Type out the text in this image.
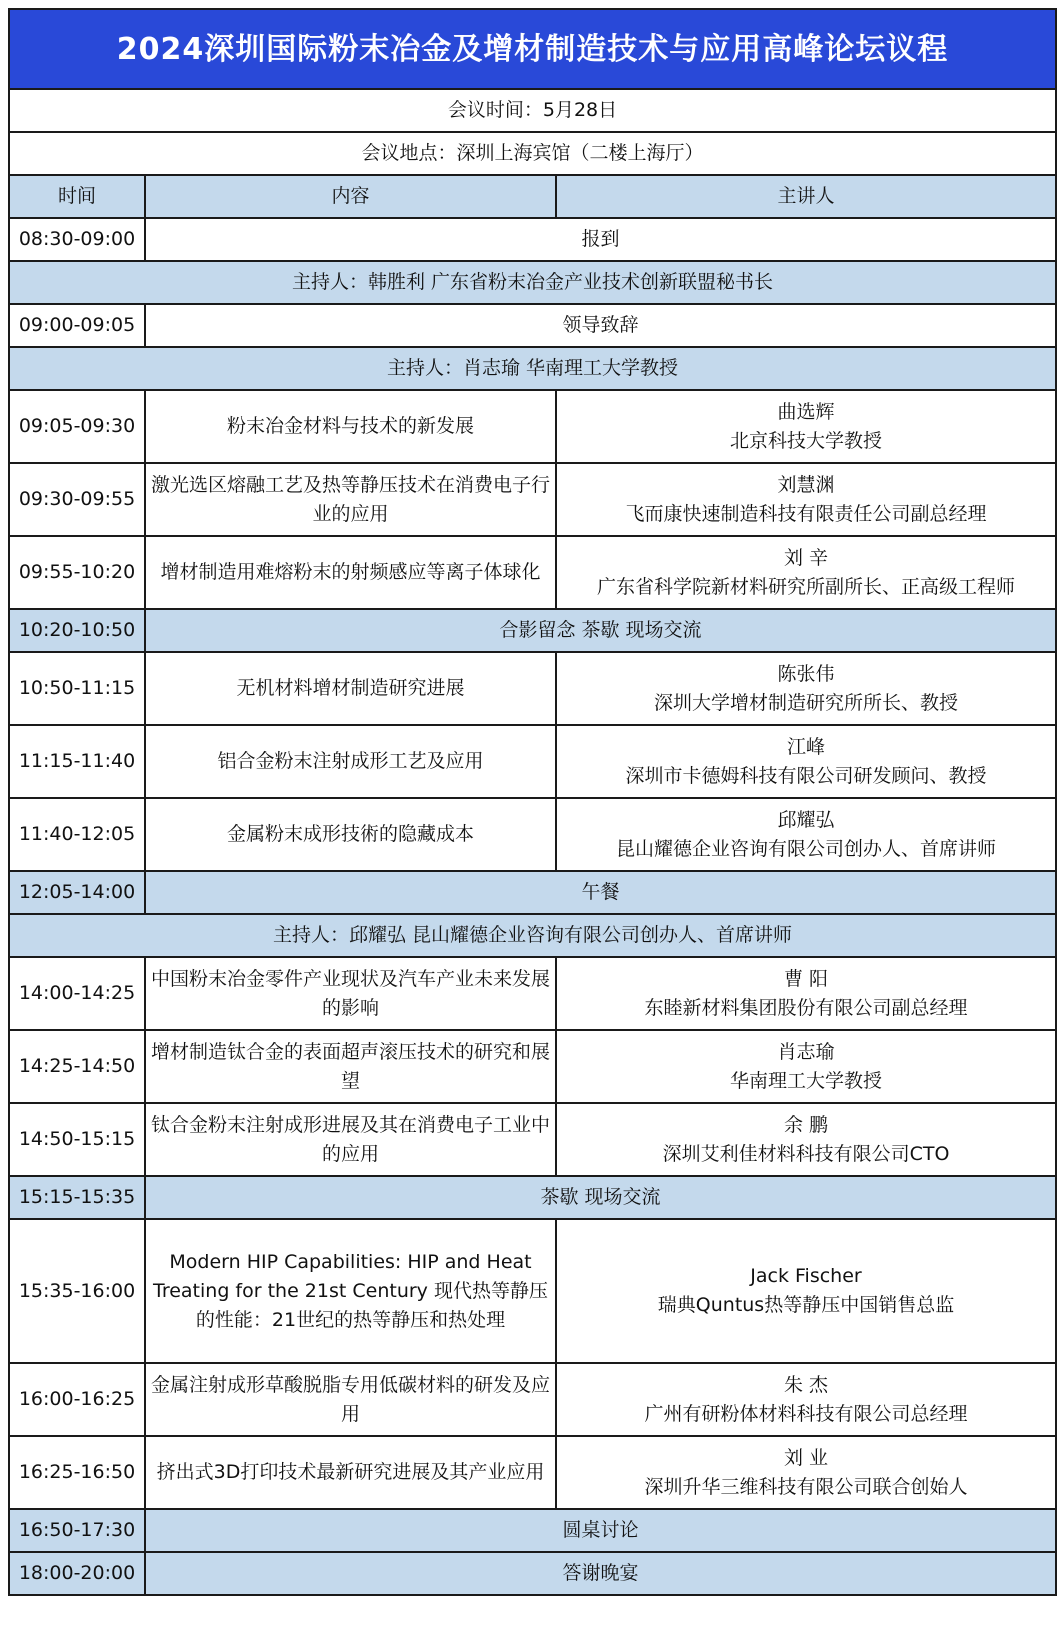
2024深圳国际粉末冶金及增材制造技术与应用高峰论坛议程		
会议时间：5月28日		
会议地点：深圳上海宾馆（二楼上海厅）		
时间	内容	主讲人
08:30-09:00	报到	
主持人：韩胜利 广东省粉末冶金产业技术创新联盟秘书长		
09:00-09:05	领导致辞	
主持人：肖志瑜 华南理工大学教授		
09:05-09:30	粉末冶金材料与技术的新发展	曲选辉
北京科技大学教授

09:30-09:55	激光选区熔融工艺及热等静压技术在消费电子行业的应用	刘慧渊
飞而康快速制造科技有限责任公司副总经理

09:55-10:20	增材制造用难熔粉末的射频感应等离子体球化	刘 辛
广东省科学院新材料研究所副所长、正高级工程师

10:20-10:50	合影留念 茶歇 现场交流	
10:50-11:15	无机材料增材制造研究进展	陈张伟
深圳大学增材制造研究所所长、教授

11:15-11:40	铝合金粉末注射成形工艺及应用	江峰
深圳市卡德姆科技有限公司研发顾问、教授

11:40-12:05	金属粉末成形技術的隐藏成本	邱耀弘
昆山耀德企业咨询有限公司创办人、首席讲师

12:05-14:00	午餐	
主持人：邱耀弘 昆山耀德企业咨询有限公司创办人、首席讲师		
14:00-14:25	中国粉末冶金零件产业现状及汽车产业未来发展的影响	曹 阳
东睦新材料集团股份有限公司副总经理

14:25-14:50	增材制造钛合金的表面超声滚压技术的研究和展望	肖志瑜
华南理工大学教授

14:50-15:15	钛合金粉末注射成形进展及其在消费电子工业中的应用	余 鹏
深圳艾利佳材料科技有限公司CTO

15:15-15:35	茶歇 现场交流	
15:35-16:00	Modern HIP Capabilities: HIP and Heat Treating for the 21st Century 现代热等静压的性能：21世纪的热等静压和热处理	Jack Fischer
瑞典Quntus热等静压中国销售总监

16:00-16:25	金属注射成形草酸脱脂专用低碳材料的研发及应用	朱 杰
广州有研粉体材料科技有限公司总经理

16:25-16:50	挤出式3D打印技术最新研究进展及其产业应用	刘 业
深圳升华三维科技有限公司联合创始人

16:50-17:30	圆桌讨论	
18:00-20:00	答谢晚宴	
